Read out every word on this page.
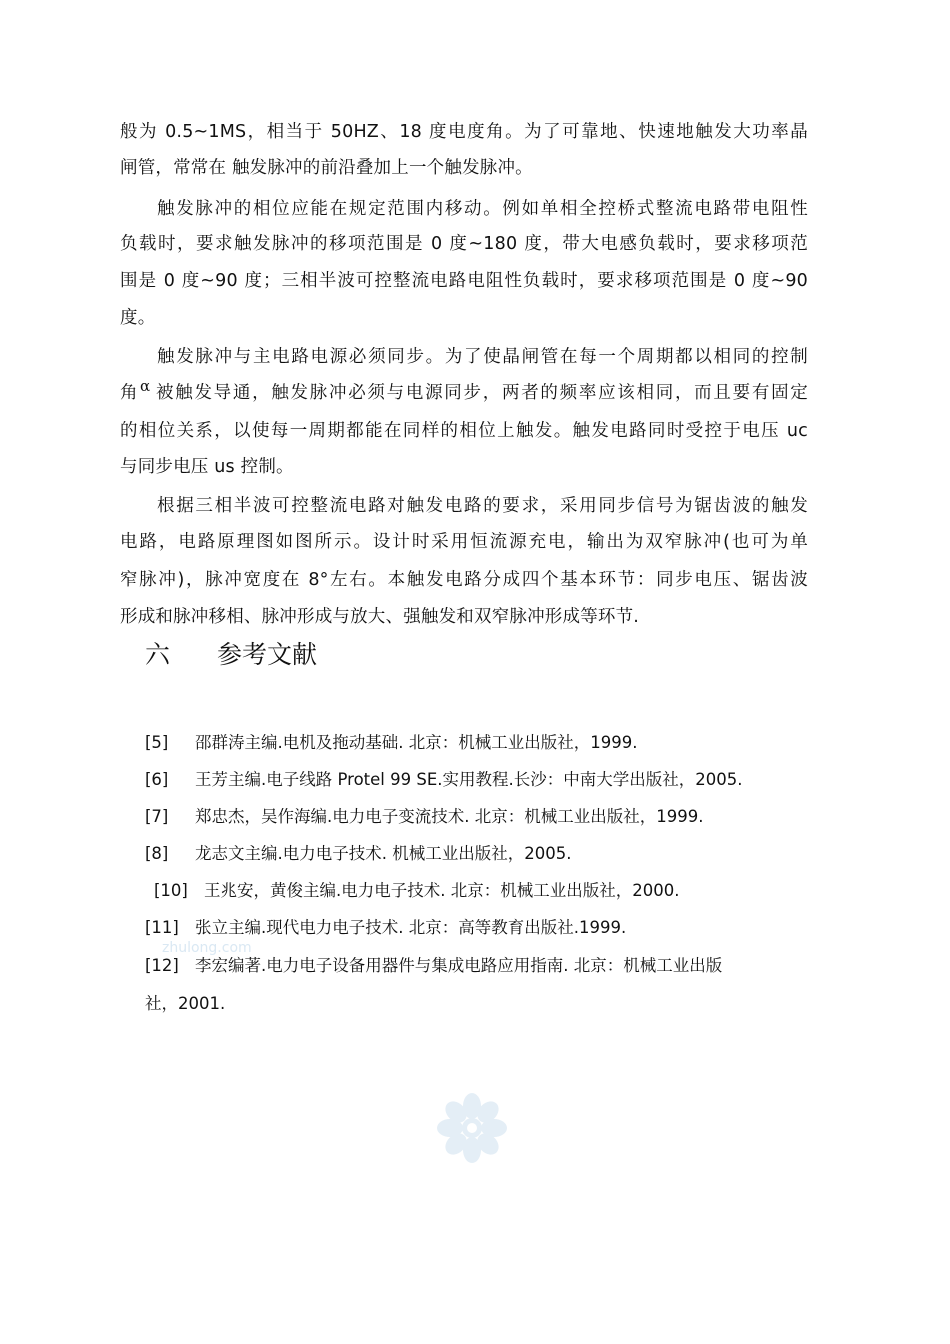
般为 0.5~1MS，相当于 50HZ、18 度电度角。为了可靠地、快速地触发大功率晶
闸管，常常在 触发脉冲的前沿叠加上一个触发脉冲。
触发脉冲的相位应能在规定范围内移动。例如单相全控桥式整流电路带电阻性
负载时，要求触发脉冲的移项范围是 0 度~180 度，带大电感负载时，要求移项范
围是 0 度~90 度；三相半波可控整流电路电阻性负载时，要求移项范围是 0 度~90
度。
触发脉冲与主电路电源必须同步。为了使晶闸管在每一个周期都以相同的控制
角 α 被触发导通，触发脉冲必须与电源同步，两者的频率应该相同，而且要有固定
的相位关系，以使每一周期都能在同样的相位上触发。触发电路同时受控于电压 uc
与同步电压 us 控制。
根据三相半波可控整流电路对触发电路的要求，采用同步信号为锯齿波的触发
电路，电路原理图如图所示。设计时采用恒流源充电，输出为双窄脉冲(也可为单
窄脉冲)，脉冲宽度在 8°左右。本触发电路分成四个基本环节：同步电压、锯齿波
形成和脉冲移相、脉冲形成与放大、强触发和双窄脉冲形成等环节.
六 参考文献
[5] 邵群涛主编.电机及拖动基础. 北京：机械工业出版社，1999.
[6] 王芳主编.电子线路 Protel 99 SE.实用教程.长沙：中南大学出版社，2005.
[7] 郑忠杰，吴作海编.电力电子变流技术. 北京：机械工业出版社，1999.
[8] 龙志文主编.电力电子技术. 机械工业出版社，2005.
[10] 王兆安，黄俊主编.电力电子技术. 北京：机械工业出版社，2000.
[11] 张立主编.现代电力电子技术. 北京：高等教育出版社.1999.
[12] 李宏编著.电力电子设备用器件与集成电路应用指南. 北京：机械工业出版
社，2001.
zhulong.com
